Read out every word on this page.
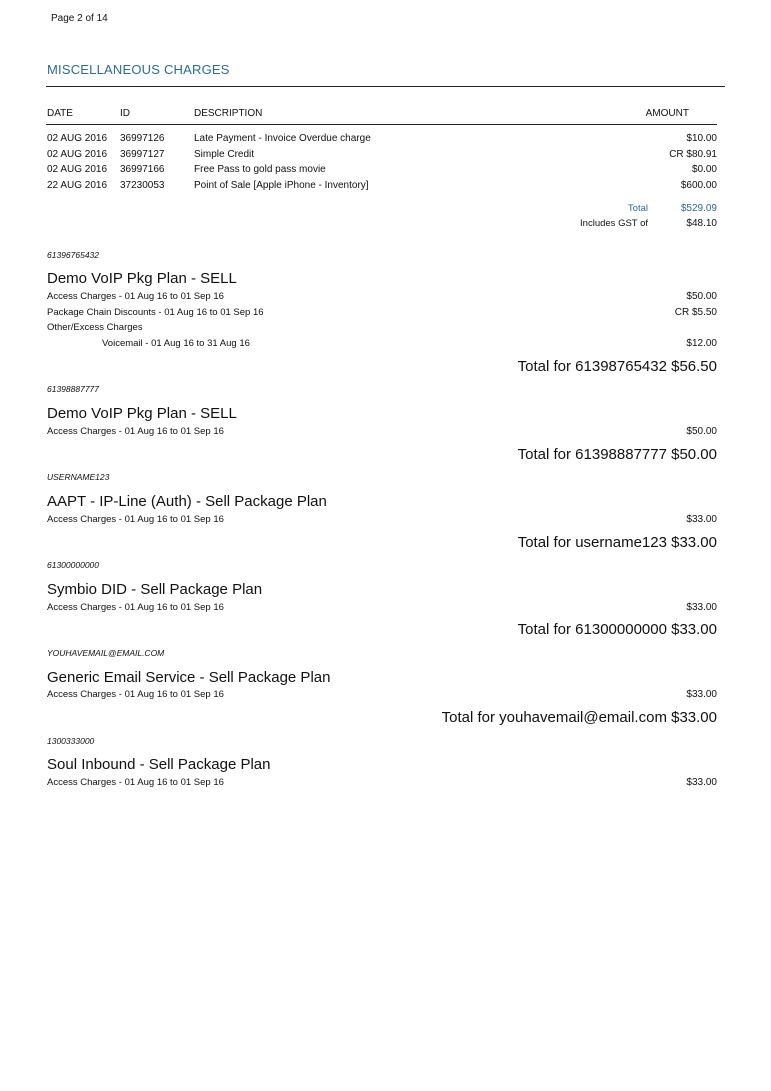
Page 2 of 14
MISCELLANEOUS CHARGES
DATE	ID	DESCRIPTION	AMOUNT
02 AUG 2016 36997126	Late Payment - Invoice Overdue charge	$10.00
02 AUG 2016 36997127	Simple Credit	CR $80.91
02 AUG 2016 36997166	Free Pass to gold pass movie	$0.00
22 AUG 2016 37230053	Point of Sale [Apple iPhone - Inventory]	$600.00
Total	$529.09
Includes GST of	$48.10
61396765432
Demo VoIP Pkg Plan - SELL
Access Charges - 01 Aug 16 to 01 Sep 16	$50.00
Package Chain Discounts - 01 Aug 16 to 01 Sep 16	CR $5.50
Other/Excess Charges
Voicemail - 01 Aug 16 to 31 Aug 16	$12.00
Total for 61398765432 $56.50
61398887777
Demo VoIP Pkg Plan - SELL
Access Charges - 01 Aug 16 to 01 Sep 16	$50.00
Total for 61398887777 $50.00
USERNAME123
AAPT - IP-Line (Auth) - Sell Package Plan
Access Charges - 01 Aug 16 to 01 Sep 16	$33.00
Total for username123 $33.00
61300000000
Symbio DID - Sell Package Plan
Access Charges - 01 Aug 16 to 01 Sep 16	$33.00
Total for 61300000000 $33.00
YOUHAVEMAIL@EMAIL.COM
Generic Email Service - Sell Package Plan
Access Charges - 01 Aug 16 to 01 Sep 16	$33.00
Total for youhavemail@email.com $33.00
1300333000
Soul Inbound - Sell Package Plan
Access Charges - 01 Aug 16 to 01 Sep 16	$33.00
